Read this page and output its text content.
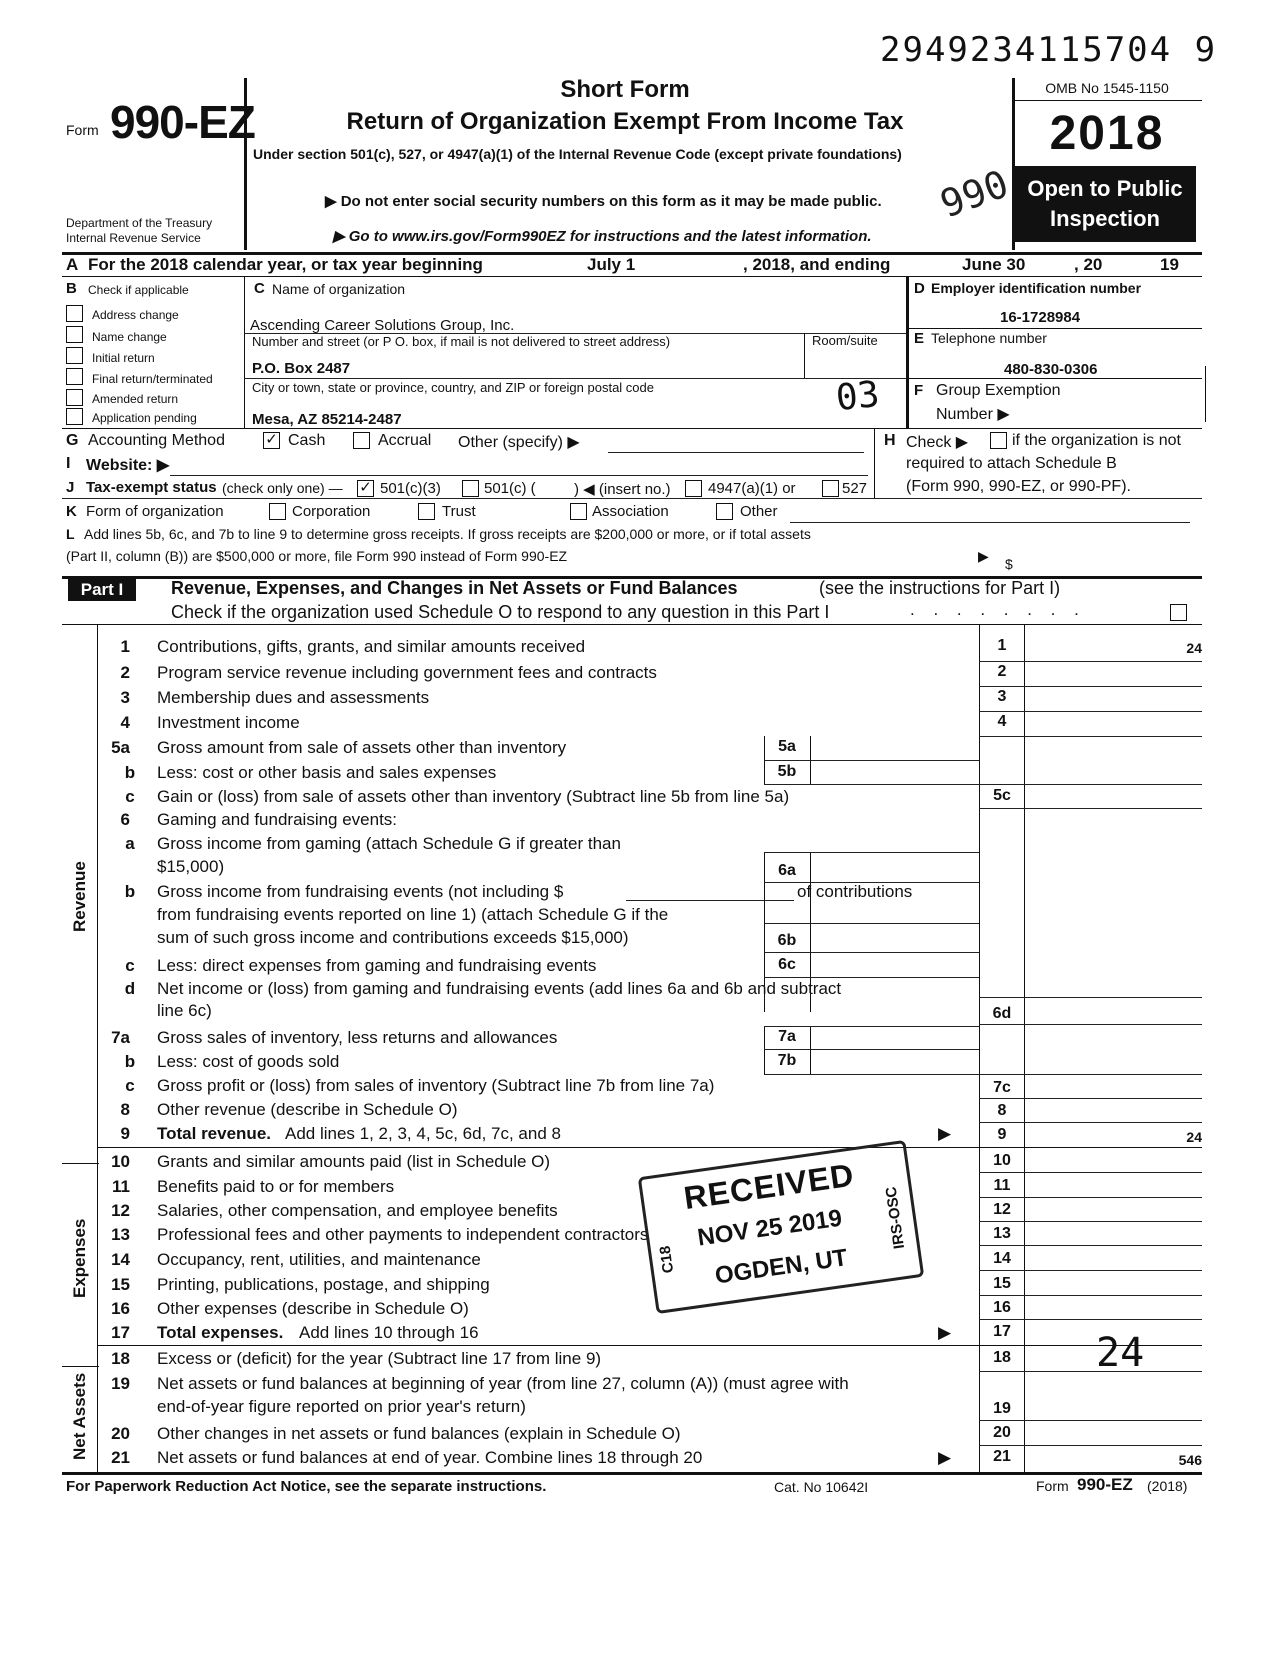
2949234115704 9
Form 990-EZ
Department of the Treasury
Internal Revenue Service
Short Form
Return of Organization Exempt From Income Tax
Under section 501(c), 527, or 4947(a)(1) of the Internal Revenue Code (except private foundations)
▶ Do not enter social security numbers on this form as it may be made public.
▶ Go to www.irs.gov/Form990EZ for instructions and the latest information.
990
OMB No 1545-1150
2018
Open to Public
Inspection
A For the 2018 calendar year, or tax year beginning	July 1	, 2018, and ending	June 30	, 20	19
B Check if applicable
Address change
Name change
Initial return
Final return/terminated
Amended return
Application pending
C Name of organization
Ascending Career Solutions Group, Inc.
Number and street (or P O. box, if mail is not delivered to street address)	Room/suite
P.O. Box 2487
City or town, state or province, country, and ZIP or foreign postal code
Mesa, AZ 85214-2487
03
D Employer identification number
16-1728984
E Telephone number
480-830-0306
F Group Exemption
Number ▶
G Accounting Method	✓ Cash	Accrual Other (specify) ▶	H Check ▶	if the organization is not
required to attach Schedule B
(Form 990, 990-EZ, or 990-PF).
I Website: ▶
J Tax-exempt status (check only one) — ✓ 501(c)(3)	501(c) (	) ◀ (insert no.) 4947(a)(1) or	527
K Form of organization	Corporation	Trust	Association	Other
L Add lines 5b, 6c, and 7b to line 9 to determine gross receipts. If gross receipts are $200,000 or more, or if total assets
(Part II, column (B)) are $500,000 or more, file Form 990 instead of Form 990-EZ	▶ $
Part I	Revenue, Expenses, and Changes in Net Assets or Fund Balances	(see the instructions for Part I)
Check if the organization used Schedule O to respond to any question in this Part I	. . . . . . . .
Revenue
Expenses
Net Assets
1 Contributions, gifts, grants, and similar amounts received	1	24
2 Program service revenue including government fees and contracts	2
3 Membership dues and assessments	3
4 Investment income	4
5a Gross amount from sale of assets other than inventory	5a
b Less: cost or other basis and sales expenses	5b
c	Gain or (loss) from sale of assets other than inventory (Subtract line 5b from line 5a)	5c
6 Gaming and fundraising events:
a	Gross income from gaming (attach Schedule G if greater than
$15,000)	6a
b Gross income from fundraising events (not including $	of contributions
from fundraising events reported on line 1) (attach Schedule G if the
sum of such gross income and contributions exceeds $15,000)	6b
c	Less: direct expenses from gaming and fundraising events	6c
d Net income or (loss) from gaming and fundraising events (add lines 6a and 6b and subtract
line 6c)	6d
7a Gross sales of inventory, less returns and allowances	7a
b Less: cost of goods sold	7b
c	Gross profit or (loss) from sales of inventory (Subtract line 7b from line 7a)	7c
8 Other revenue (describe in Schedule O)	8
9 Total revenue. Add lines 1, 2, 3, 4, 5c, 6d, 7c, and 8	▶	9	24
10 Grants and similar amounts paid (list in Schedule O)	10
11 Benefits paid to or for members	11
12 Salaries, other compensation, and employee benefits	12
13 Professional fees and other payments to independent contractors	13
14 Occupancy, rent, utilities, and maintenance	14
15 Printing, publications, postage, and shipping	15
16 Other expenses (describe in Schedule O)	16
17 Total expenses. Add lines 10 through 16	▶	17
18 Excess or (deficit) for the year (Subtract line 17 from line 9)	18	24
19 Net assets or fund balances at beginning of year (from line 27, column (A)) (must agree with
end-of-year figure reported on prior year's return)	19
20 Other changes in net assets or fund balances (explain in Schedule O)	20
21 Net assets or fund balances at end of year. Combine lines 18 through 20	▶	21	546
For Paperwork Reduction Act Notice, see the separate instructions.	Cat. No 10642I	Form 990-EZ (2018)
RECEIVED
NOV 25 2019
OGDEN, UT
C18
IRS-OSC
